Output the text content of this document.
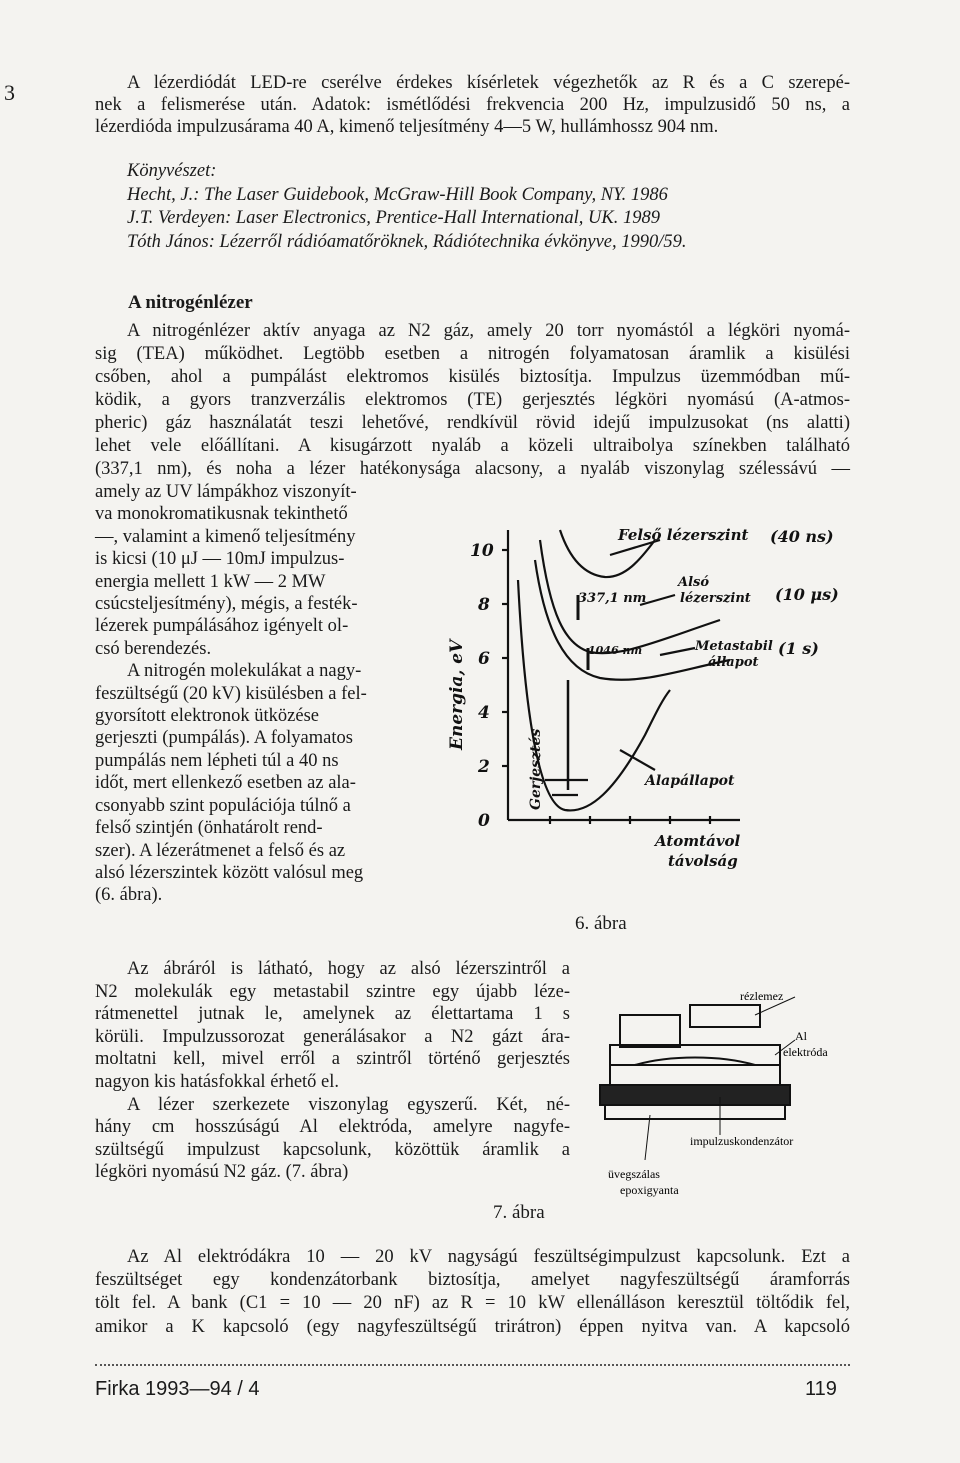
3	A lézerdiódát LED-re cserélve érdekes kísérletek végezhetők az R és a C szerepé-
nek a felismerése után. Adatok: ismétlődési frekvencia 200 Hz, impulzusidő 50 ns, a
lézerdióda impulzusárama 40 A, kimenő teljesítmény 4—5 W, hullámhossz 904 nm.
Könyvészet:
Hecht, J.: The Laser Guidebook, McGraw-Hill Book Company, NY. 1986
J.T. Verdeyen: Laser Electronics, Prentice-Hall International, UK. 1989
Tóth János: Lézerről rádióamatőröknek, Rádiótechnika évkönyve, 1990/59.
A nitrogénlézer
A nitrogénlézer aktív anyaga az N2 gáz, amely 20 torr nyomástól a légköri nyomá-
sig (TEA) működhet. Legtöbb esetben a nitrogén folyamatosan áramlik a kisülési
csőben, ahol a pumpálást elektromos kisülés biztosítja. Impulzus üzemmódban mű-
ködik, a gyors tranzverzális elektromos (TE) gerjesztés légköri nyomású (A-atmos-
pheric) gáz használatát teszi lehetővé, rendkívül rövid idejű impulzusokat (ns alatti)
lehet vele előállítani. A kisugárzott nyaláb a közeli ultraibolya színekben található
(337,1 nm), és noha a lézer hatékonysága alacsony, a nyaláb viszonylag szélessávú —
amely az UV lámpákhoz viszonyít-
va monokromatikusnak tekinthető
—, valamint a kimenő teljesítmény
is kicsi (10 μJ — 10mJ impulzus-
energia mellett 1 kW — 2 MW
csúcsteljesítmény), mégis, a festék-
lézerek pumpálásához igényelt ol-
csó berendezés.
A nitrogén molekulákat a nagy-
feszültségű (20 kV) kisülésben a fel-
gyorsított elektronok ütközése
gerjeszti (pumpálás). A folyamatos
pumpálás nem lépheti túl a 40 ns
időt, mert ellenkező esetben az ala-
csonyabb szint populációja túlnő a
felső szintjén (önhatárolt rend-
szer). A lézerátmenet a felső és az
alsó lézerszintek között valósul meg
(6. ábra).
10
8
6
4
2
0
Energia, eV
Felső lézerszint (40 ns)
337,1 nm
Alsó
lézerszint (10 μs)
1046 nm	Metastabil
állapot
(1 s)
Alapállapot
Gerjesztés
Atomtávol
távolság
6. ábra
Az ábráról is látható, hogy az alsó lézerszintről a
N2 molekulák egy metastabil szintre egy újabb léze-
rátmenettel jutnak le, amelynek az élettartama 1 s
körüli. Impulzussorozat generálásakor a N2 gázt ára-
moltatni kell, mivel erről a szintről történő gerjesztés
nagyon kis hatásfokkal érhető el.
A lézer szerkezete viszonylag egyszerű. Két, né-
hány cm hosszúságú Al elektróda, amelyre nagyfe-
szültségű impulzust kapcsolunk, közöttük áramlik a
légköri nyomású N2 gáz. (7. ábra)
rézlemez
Al
elektróda
impulzuskondenzátor
üvegszálas
epoxigyanta
7. ábra
Az Al elektródákra 10 — 20 kV nagyságú feszültségimpulzust kapcsolunk. Ezt a
feszültséget egy kondenzátorbank biztosítja, amelyet nagyfeszültségű áramforrás
tölt fel. A bank (C1 = 10 — 20 nF) az R = 10 kW ellenálláson keresztül töltődik fel,
amikor a K kapcsoló (egy nagyfeszültségű trirátron) éppen nyitva van. A kapcsoló
Firka 1993—94 / 4	119
